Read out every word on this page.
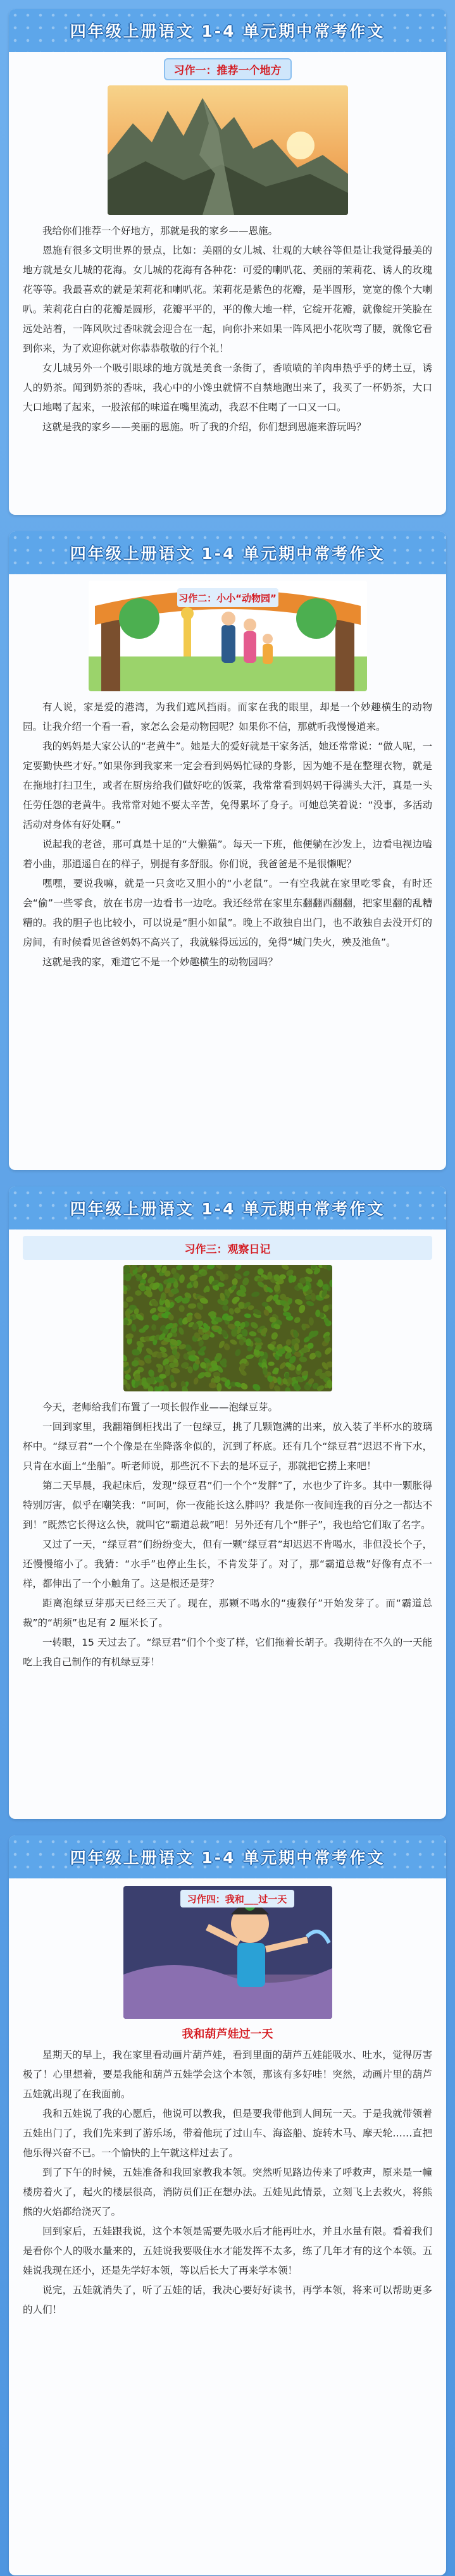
四年级上册语文 1-4 单元期中常考作文
习作一：推荐一个地方

我给你们推荐一个好地方，那就是我的家乡——恩施。

恩施有很多文明世界的景点，比如：美丽的女儿城、壮观的大峡谷等但是让我觉得最美的地方就是女儿城的花海。女儿城的花海有各种花：可爱的喇叭花、美丽的茉莉花、诱人的玫瑰花等等。我最喜欢的就是茉莉花和喇叭花。茉莉花是紫色的花瓣，是半圆形，宽宽的像个大喇叭。茉莉花白白的花瓣是圆形，花瓣平平的，平的像大地一样，它绽开花瓣，就像绽开笑脸在远处站着，一阵风吹过香味就会迎合在一起，向你扑来如果一阵风把小花吹弯了腰，就像它看到你来，为了欢迎你就对你恭恭敬敬的行个礼！

女儿城另外一个吸引眼球的地方就是美食一条街了，香喷喷的羊肉串热乎乎的烤土豆，诱人的奶茶。闻到奶茶的香味，我心中的小馋虫就情不自禁地跑出来了，我买了一杯奶茶，大口大口地喝了起来，一股浓郁的味道在嘴里流动，我忍不住喝了一口又一口。

这就是我的家乡——美丽的恩施。听了我的介绍，你们想到恩施来游玩吗？

四年级上册语文 1-4 单元期中常考作文
习作二：小小“动物园”

有人说，家是爱的港湾，为我们遮风挡雨。而家在我的眼里，却是一个妙趣横生的动物园。让我介绍一个看一看，家怎么会是动物园呢？如果你不信，那就听我慢慢道来。

我的妈妈是大家公认的“老黄牛”。她是大的爱好就是干家务活，她还常常说：“做人呢，一定要勤快些才好。”如果你到我家来一定会看到妈妈忙碌的身影，因为她不是在整理衣物，就是在拖地打扫卫生，或者在厨房给我们做好吃的饭菜，我常常看到妈妈干得满头大汗，真是一头任劳任怨的老黄牛。我常常对她不要太辛苦，免得累坏了身子。可她总笑着说：“没事，多活动活动对身体有好处啊。”

说起我的老爸，那可真是十足的“大懒猫”。每天一下班，他便躺在沙发上，边看电视边嗑着小曲，那逍遥自在的样子，别提有多舒服。你们说，我爸爸是不是很懒呢？

嘿嘿，要说我嘛，就是一只贪吃又胆小的“小老鼠”。一有空我就在家里吃零食，有时还会“偷”一些零食，放在书房一边看书一边吃。我还经常在家里东翻翻西翻翻，把家里翻的乱糟糟的。我的胆子也比较小，可以说是“胆小如鼠”。晚上不敢独自出门，也不敢独自去没开灯的房间，有时候看见爸爸妈妈不高兴了，我就躲得远远的，免得“城门失火，殃及池鱼”。

这就是我的家，难道它不是一个妙趣横生的动物园吗？

四年级上册语文 1-4 单元期中常考作文
习作三：观察日记

今天，老师给我们布置了一项长假作业——泡绿豆芽。

一回到家里，我翻箱倒柜找出了一包绿豆，挑了几颗饱满的出来，放入装了半杯水的玻璃杯中。“绿豆君”一个个像是在坐降落伞似的，沉到了杯底。还有几个“绿豆君”迟迟不肯下水，只肯在水面上“坐船”。听老师说，那些沉不下去的是坏豆子，那就把它捞上来吧！

第二天早晨，我起床后，发现“绿豆君”们一个个“发胖”了，水也少了许多。其中一颗胀得特别厉害，似乎在嘲笑我：“呵呵，你一夜能长这么胖吗？我是你一夜间连我的百分之一都达不到！”既然它长得这么快，就叫它“霸道总裁”吧！另外还有几个“胖子”，我也给它们取了名字。

又过了一天，“绿豆君”们纷纷变大，但有一颗“绿豆君”却迟迟不肯喝水，非但没长个子，还慢慢缩小了。我猜：“水手”也停止生长，不肯发芽了。对了，那“霸道总裁”好像有点不一样，都伸出了一个小触角了。这是根还是芽？

距离泡绿豆芽那天已经三天了。现在，那颗不喝水的“瘦猴仔”开始发芽了。而“霸道总裁”的“胡须”也足有 2 厘米长了。

一转眼，15 天过去了。“绿豆君”们个个变了样，它们拖着长胡子。我期待在不久的一天能吃上我自己制作的有机绿豆芽！

四年级上册语文 1-4 单元期中常考作文
习作四：我和___过一天
我和葫芦娃过一天

星期天的早上，我在家里看动画片葫芦娃，看到里面的葫芦五娃能吸水、吐水，觉得厉害极了！心里想着，要是我能和葫芦五娃学会这个本领，那该有多好哇！突然，动画片里的葫芦五娃就出现了在我面前。

我和五娃说了我的心愿后，他说可以教我，但是要我带他到人间玩一天。于是我就带领着五娃出门了，我们先来到了游乐场，带着他玩了过山车、海盗船、旋转木马、摩天轮……直把他乐得兴奋不已。一个愉快的上午就这样过去了。

到了下午的时候，五娃准备和我回家教我本领。突然听见路边传来了呼救声，原来是一幢楼房着火了，起火的楼层很高，消防员们正在想办法。五娃见此情景，立刻飞上去救火，将熊熊的火焰都给浇灭了。

回到家后，五娃跟我说，这个本领是需要先吸水后才能再吐水，并且水量有限。看着我们是看你个人的吸水量来的，五娃说我要吸住水才能发挥不太多，练了几年才有的这个本领。五娃说我现在还小，还是先学好本领，等以后长大了再来学本领！

说完，五娃就消失了，听了五娃的话，我决心要好好读书，再学本领，将来可以帮助更多的人们！
